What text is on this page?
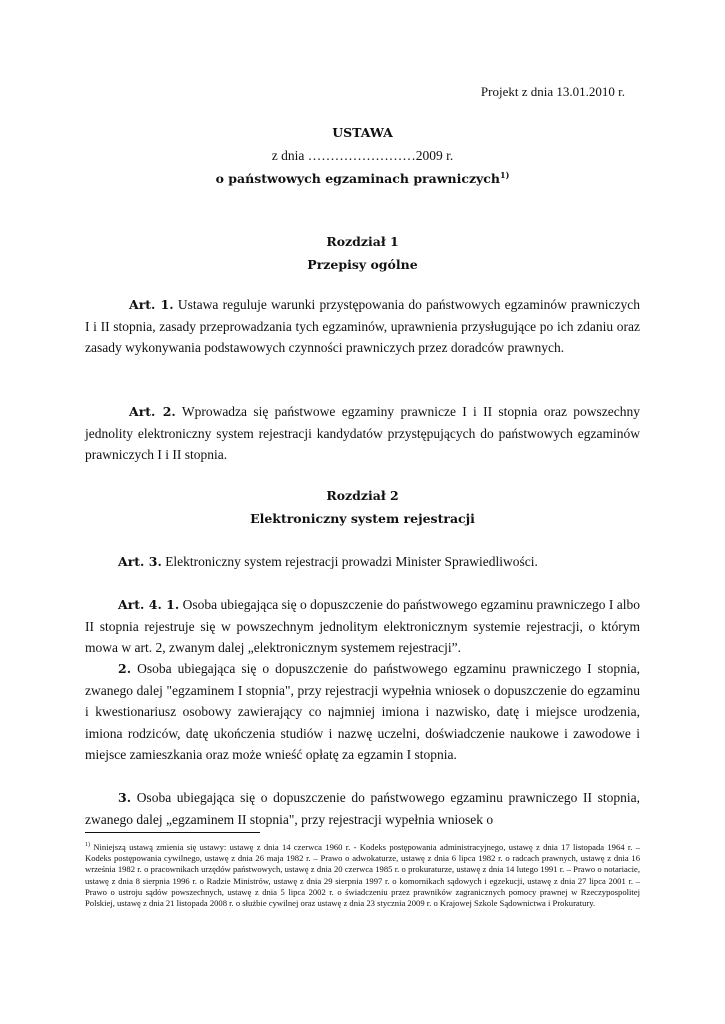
Projekt z dnia 13.01.2010 r.
USTAWA
z dnia ……………………2009 r.
o państwowych egzaminach prawniczych$^{1)}$
Rozdział 1
Przepisy ogólne
Art. 1. Ustawa reguluje warunki przystępowania do państwowych egzaminów prawniczych I i II stopnia, zasady przeprowadzania tych egzaminów, uprawnienia przysługujące po ich zdaniu oraz zasady wykonywania podstawowych czynności prawniczych przez doradców prawnych.
Art. 2. Wprowadza się państwowe egzaminy prawnicze I i II stopnia oraz powszechny jednolity elektroniczny system rejestracji kandydatów przystępujących do państwowych egzaminów prawniczych I i II stopnia.
Rozdział 2
Elektroniczny system rejestracji
Art. 3. Elektroniczny system rejestracji prowadzi Minister Sprawiedliwości.
Art. 4. 1. Osoba ubiegająca się o dopuszczenie do państwowego egzaminu prawniczego I albo II stopnia rejestruje się w powszechnym jednolitym elektronicznym systemie rejestracji, o którym mowa w art. 2, zwanym dalej „elektronicznym systemem rejestracji”.
2. Osoba ubiegająca się o dopuszczenie do państwowego egzaminu prawniczego I stopnia, zwanego dalej "egzaminem I stopnia", przy rejestracji wypełnia wniosek o dopuszczenie do egzaminu i kwestionariusz osobowy zawierający co najmniej imiona i nazwisko, datę i miejsce urodzenia, imiona rodziców, datę ukończenia studiów i nazwę uczelni, doświadczenie naukowe i zawodowe i miejsce zamieszkania oraz może wnieść opłatę za egzamin I stopnia.
3. Osoba ubiegająca się o dopuszczenie do państwowego egzaminu prawniczego II stopnia, zwanego dalej „egzaminem II stopnia", przy rejestracji wypełnia wniosek o
$^{1)}$ Niniejszą ustawą zmienia się ustawy: ustawę z dnia 14 czerwca 1960 r. - Kodeks postępowania administracyjnego, ustawę z dnia 17 listopada 1964 r. – Kodeks postępowania cywilnego, ustawę z dnia 26 maja 1982 r. – Prawo o adwokaturze, ustawę z dnia 6 lipca 1982 r. o radcach prawnych, ustawę z dnia 16 września 1982 r. o pracownikach urzędów państwowych, ustawę z dnia 20 czerwca 1985 r. o prokuraturze, ustawę z dnia 14 lutego 1991 r. – Prawo o notariacie, ustawę z dnia 8 sierpnia 1996 r. o Radzie Ministrów, ustawę z dnia 29 sierpnia 1997 r. o komornikach sądowych i egzekucji, ustawę z dnia 27 lipca 2001 r. – Prawo o ustroju sądów powszechnych, ustawę z dnia 5 lipca 2002 r. o świadczeniu przez prawników zagranicznych pomocy prawnej w Rzeczypospolitej Polskiej, ustawę z dnia 21 listopada 2008 r. o służbie cywilnej oraz ustawę z dnia 23 stycznia 2009 r. o Krajowej Szkole Sądownictwa i Prokuratury.
